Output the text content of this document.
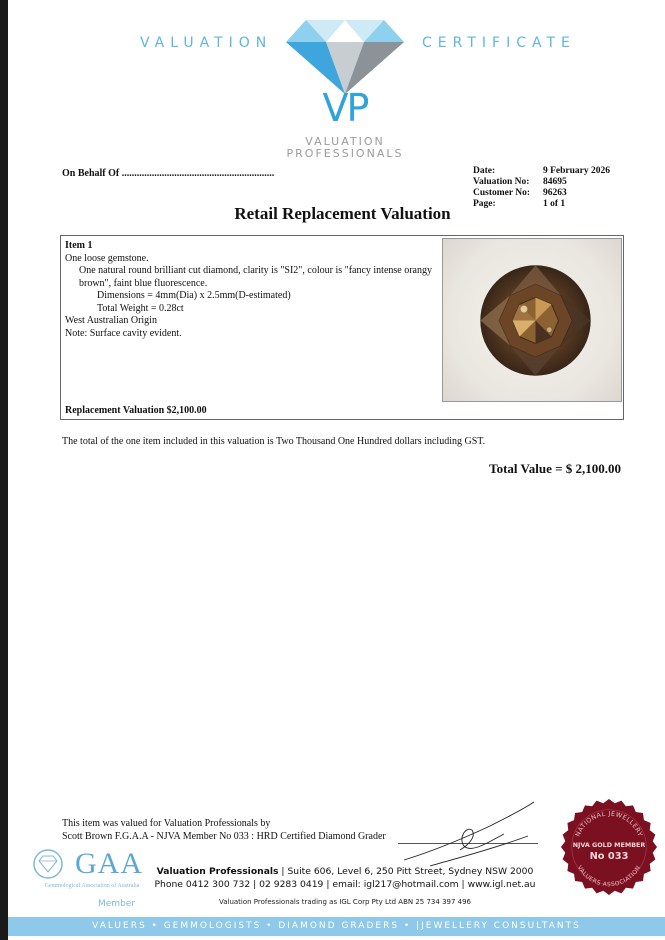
VALUATION	CERTIFICATE
VP
VALUATION
PROFESSIONALS
On Behalf Of .............................................................	Date:	9 February 2026
Valuation No:	84695
Customer No:	96263
Page:	1 of 1
Retail Replacement Valuation
Item 1
One loose gemstone.
One natural round brilliant cut diamond, clarity is "SI2", colour is "fancy intense orangy brown", faint blue fluorescence.
Dimensions = 4mm(Dia) x 2.5mm(D-estimated)
Total Weight = 0.28ct
West Australian Origin
Note: Surface cavity evident.
Replacement Valuation $2,100.00
The total of the one item included in this valuation is Two Thousand One Hundred dollars including GST.
Total Value = $ 2,100.00
This item was valued for Valuation Professionals by
Scott Brown F.G.A.A - NJVA Member No 033 : HRD Certified Diamond Grader
GAA
Gemmological Association of Australia
Member
Valuation Professionals | Suite 606, Level 6, 250 Pitt Street, Sydney NSW 2000
Phone 0412 300 732 | 02 9283 0419 | email: igl217@hotmail.com | www.igl.net.au
Valuation Professionals trading as IGL Corp Pty Ltd ABN 25 734 397 496
NATIONAL JEWELLERY
VALUERS ASSOCIATION
NJVA GOLD MEMBER
No 033
VALUERS • GEMMOLOGISTS • DIAMOND GRADERS • |JEWELLERY CONSULTANTS
